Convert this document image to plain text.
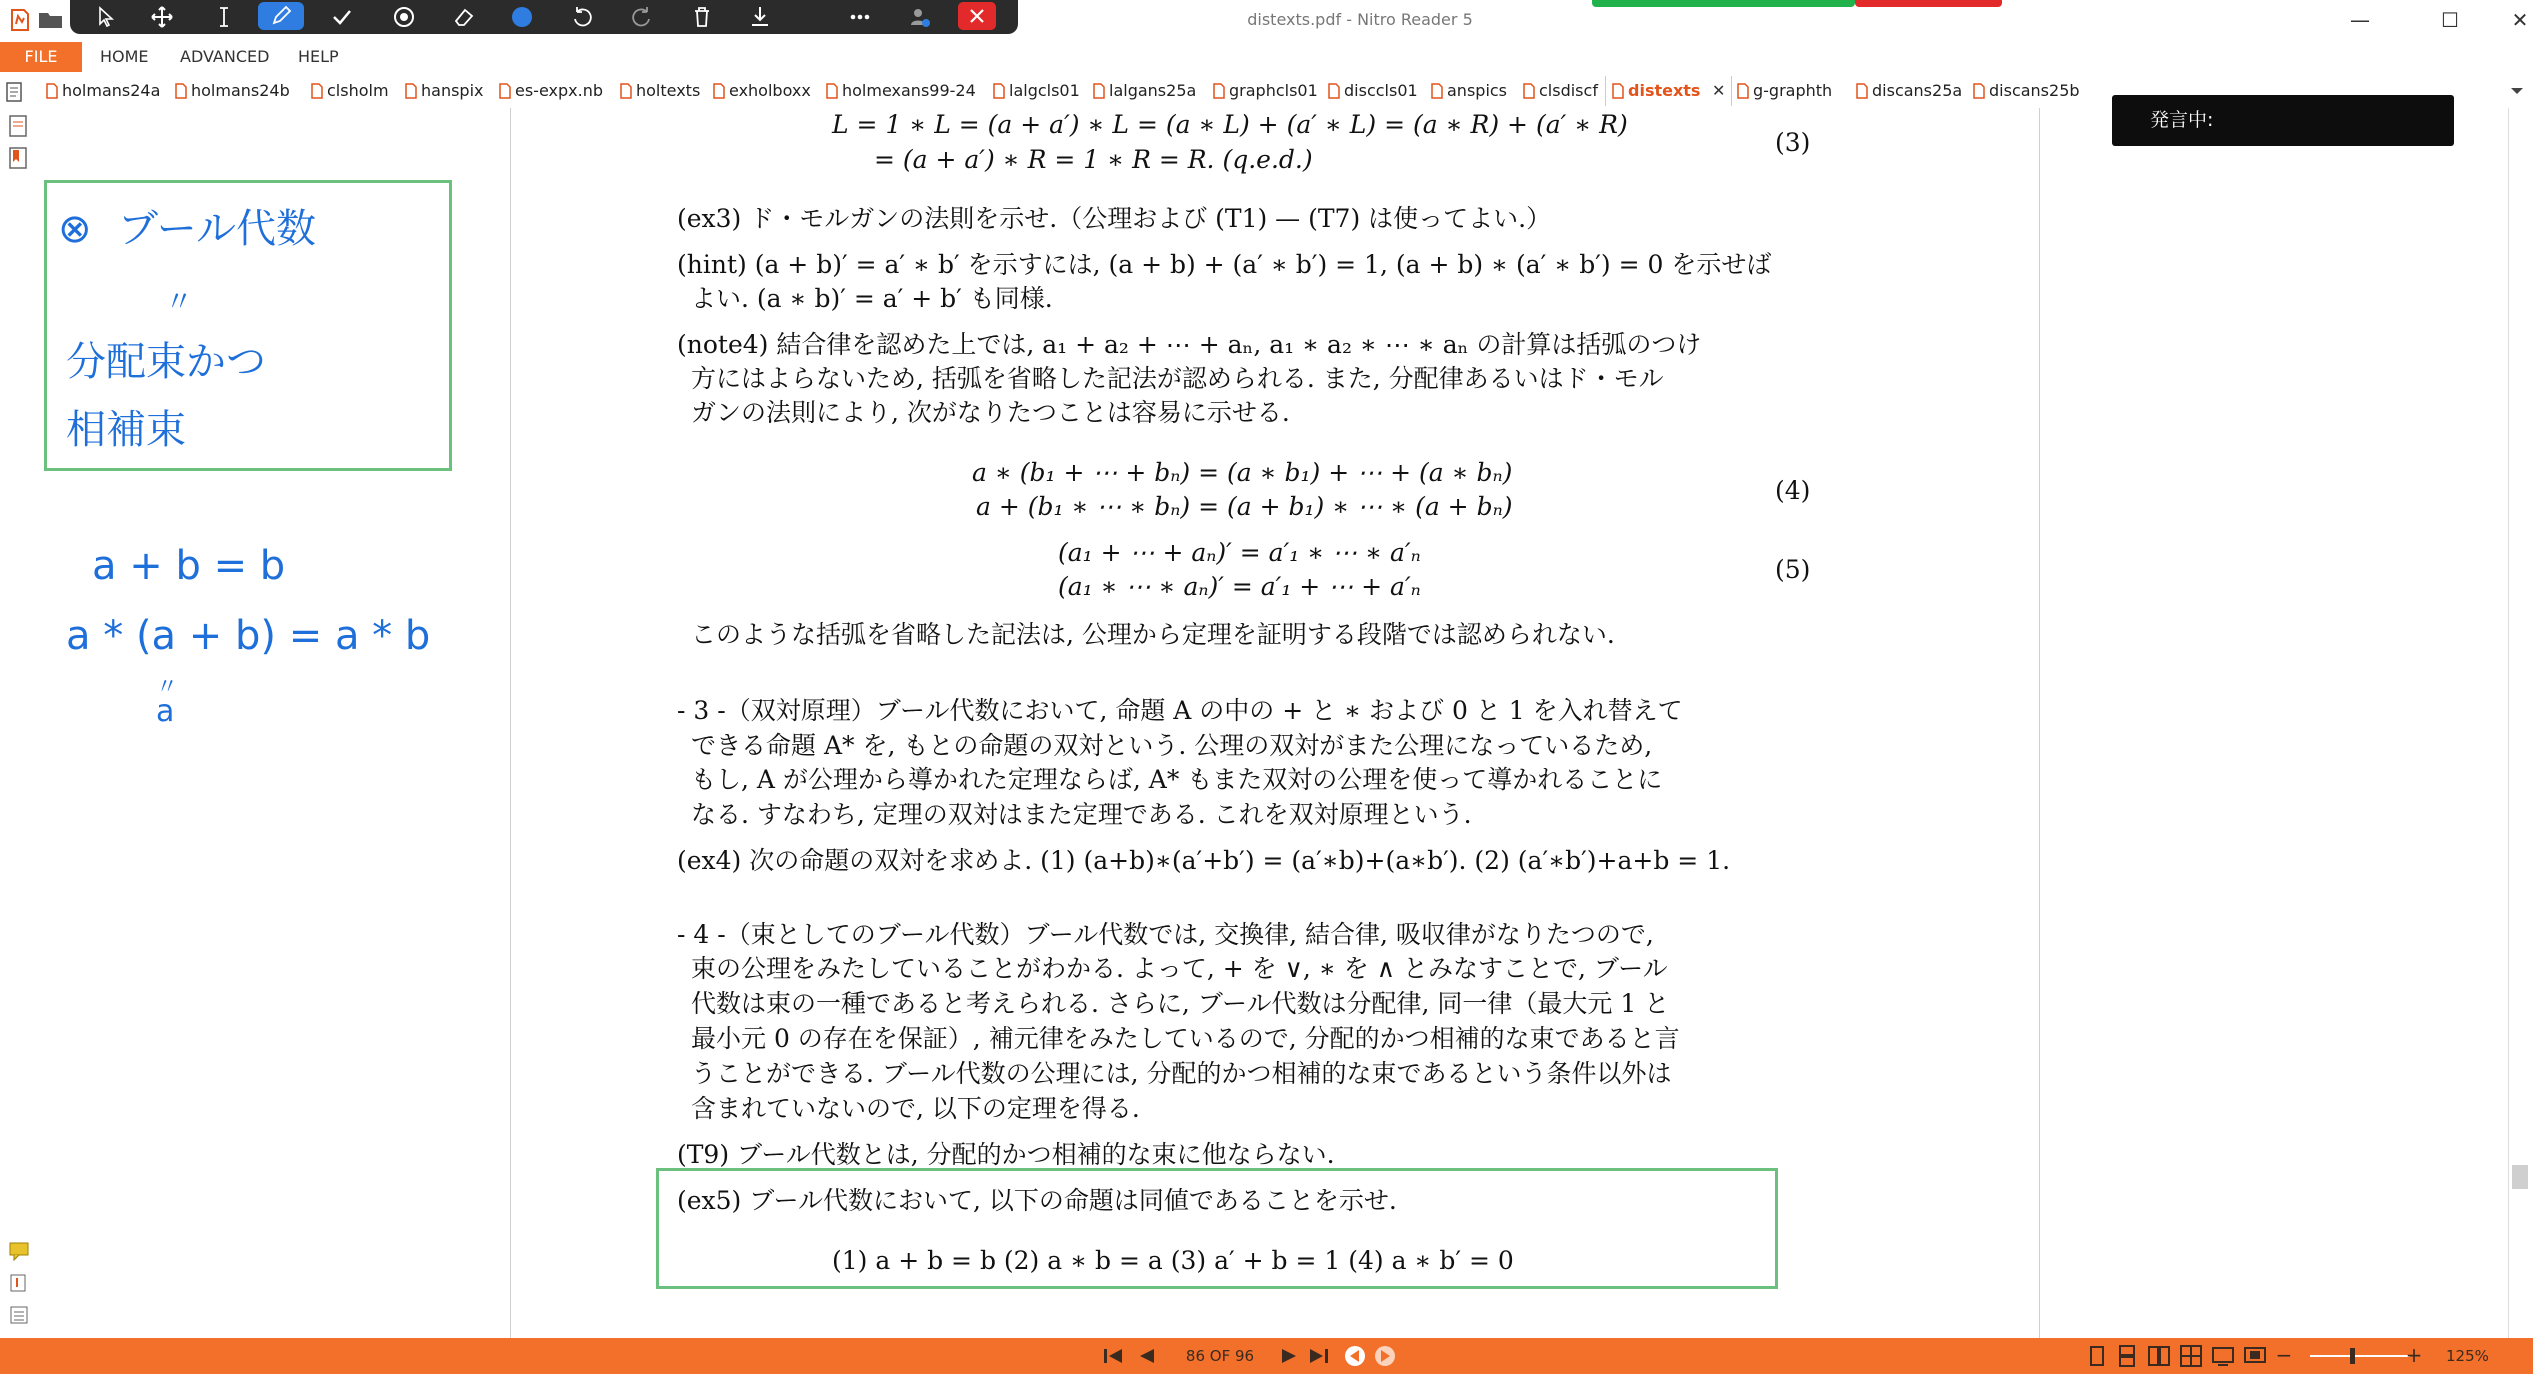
distexts.pdf - Nitro Reader 5	—	☐	✕
FILE	HOME ADVANCED HELP
holmans24a	holmans24b	clsholm	hanspix	es-expx.nb	holtexts	exholboxx	holmexans99-24	lalgcls01	lalgans25a	graphcls01	disccls01	anspics	clsdiscf	distexts ✕	g-graphth	discans25a	discans25b
⊗ ブール代数
〃
分配束かつ
相補束
a + b = b
a * (a + b) = a * b
〃
a
L = 1 ∗ L = (a + a′) ∗ L = (a ∗ L) + (a′ ∗ L) = (a ∗ R) + (a′ ∗ R)
= (a + a′) ∗ R = 1 ∗ R = R. (q.e.d.)
(3)
(ex3) ド・モルガンの法則を示せ.（公理および (T1) — (T7) は使ってよい.）
(hint) (a + b)′ = a′ ∗ b′ を示すには, (a + b) + (a′ ∗ b′) = 1, (a + b) ∗ (a′ ∗ b′) = 0 を示せば
よい. (a ∗ b)′ = a′ + b′ も同様.
(note4) 結合律を認めた上では, a₁ + a₂ + ⋯ + aₙ, a₁ ∗ a₂ ∗ ⋯ ∗ aₙ の計算は括弧のつけ
方にはよらないため, 括弧を省略した記法が認められる. また, 分配律あるいはド・モル
ガンの法則により, 次がなりたつことは容易に示せる.
a ∗ (b₁ + ⋯ + bₙ) = (a ∗ b₁) + ⋯ + (a ∗ bₙ)
a + (b₁ ∗ ⋯ ∗ bₙ) = (a + b₁) ∗ ⋯ ∗ (a + bₙ)
(4)
(a₁ + ⋯ + aₙ)′ = a′₁ ∗ ⋯ ∗ a′ₙ
(a₁ ∗ ⋯ ∗ aₙ)′ = a′₁ + ⋯ + a′ₙ
(5)
このような括弧を省略した記法は, 公理から定理を証明する段階では認められない.
- 3 -（双対原理）ブール代数において, 命題 A の中の + と ∗ および 0 と 1 を入れ替えて
できる命題 A* を, もとの命題の双対という. 公理の双対がまた公理になっているため,
もし, A が公理から導かれた定理ならば, A* もまた双対の公理を使って導かれることに
なる. すなわち, 定理の双対はまた定理である. これを双対原理という.
(ex4) 次の命題の双対を求めよ. (1) (a+b)∗(a′+b′) = (a′∗b)+(a∗b′). (2) (a′∗b′)+a+b = 1.
- 4 -（束としてのブール代数）ブール代数では, 交換律, 結合律, 吸収律がなりたつので,
束の公理をみたしていることがわかる. よって, + を ∨, ∗ を ∧ とみなすことで, ブール
代数は束の一種であると考えられる. さらに, ブール代数は分配律, 同一律（最大元 1 と
最小元 0 の存在を保証）, 補元律をみたしているので, 分配的かつ相補的な束であると言
うことができる. ブール代数の公理には, 分配的かつ相補的な束であるという条件以外は
含まれていないので, 以下の定理を得る.
(T9) ブール代数とは, 分配的かつ相補的な束に他ならない.
(ex5) ブール代数において, 以下の命題は同値であることを示せ.
(1) a + b = b (2) a ∗ b = a (3) a′ + b = 1 (4) a ∗ b′ = 0
発言中:
86 OF 96	−	+ 125%
